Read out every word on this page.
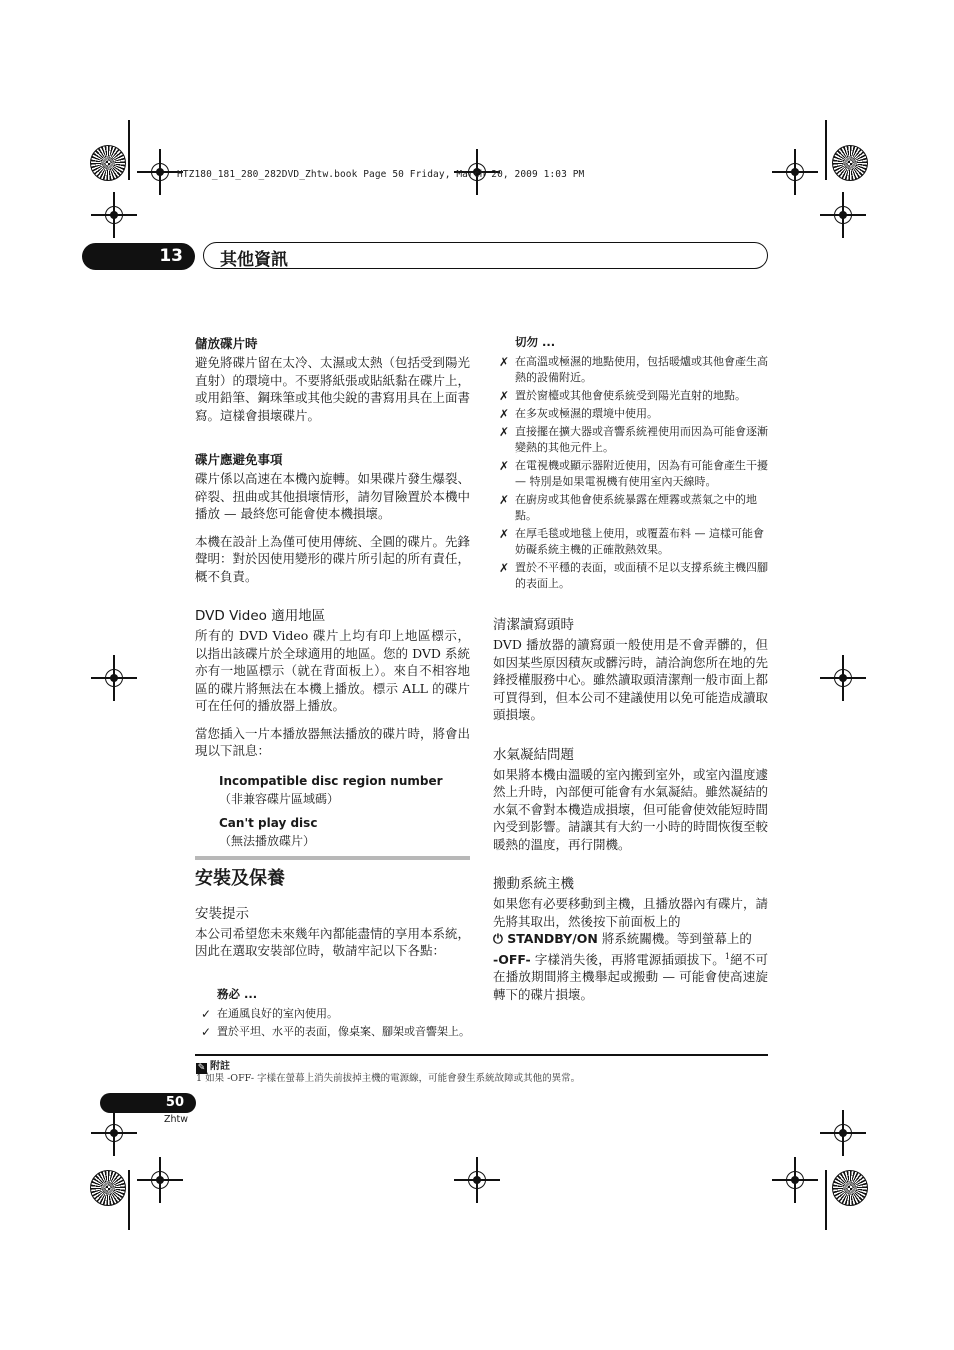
HTZ180_181_280_282DVD_Zhtw.book Page 50 Friday, March 20, 2009 1:03 PM
13 其他資訊
儲放碟片時

避免將碟片留在太冷、太濕或太熱（包括受到陽光直射）的環境中。不要將紙張或貼紙黏在碟片上，或用鉛筆、鋼珠筆或其他尖銳的書寫用具在上面書寫。這樣會損壞碟片。

碟片應避免事項

碟片係以高速在本機內旋轉。如果碟片發生爆裂、碎裂、扭曲或其他損壞情形，請勿冒險置於本機中播放 — 最終您可能會使本機損壞。

本機在設計上為僅可使用傳統、全圓的碟片。先鋒聲明：對於因使用變形的碟片所引起的所有責任，概不負責。

DVD Video 適用地區

所有的 DVD Video 碟片上均有印上地區標示，以指出該碟片於全球適用的地區。您的 DVD 系統亦有一地區標示（就在背面板上）。來自不相容地區的碟片將無法在本機上播放。標示 ALL 的碟片可在任何的播放器上播放。

當您插入一片本播放器無法播放的碟片時，將會出現以下訊息：

Incompatible disc region number

（非兼容碟片區域碼）

Can't play disc

（無法播放碟片）

安裝及保養
安裝提示

本公司希望您未來幾年內都能盡情的享用本系統，因此在選取安裝部位時，敬請牢記以下各點：

務必 ...
✓ 在通風良好的室內使用。
✓ 置於平坦、水平的表面，像桌案、腳架或音響架上。
切勿 ...
✗ 在高溫或極濕的地點使用，包括暖爐或其他會產生高熱的設備附近。
✗ 置於窗檯或其他會使系統受到陽光直射的地點。
✗ 在多灰或極濕的環境中使用。
✗ 直接擺在擴大器或音響系統裡使用而因為可能會逐漸變熱的其他元件上。
✗ 在電視機或顯示器附近使用，因為有可能會產生干擾 — 特別是如果電視機有使用室內天線時。
✗ 在廚房或其他會使系統暴露在煙霧或蒸氣之中的地點。
✗ 在厚毛毯或地毯上使用，或覆蓋布料 — 這樣可能會妨礙系統主機的正確散熱效果。
✗ 置於不平穩的表面，或面積不足以支撐系統主機四腳的表面上。
清潔讀寫頭時

DVD 播放器的讀寫頭一般使用是不會弄髒的，但如因某些原因積灰或髒污時，請洽詢您所在地的先鋒授權服務中心。雖然讀取頭清潔劑一般市面上都可買得到，但本公司不建議使用以免可能造成讀取頭損壞。

水氣凝結問題

如果將本機由溫暖的室內搬到室外，或室內溫度遽然上升時，內部便可能會有水氣凝結。雖然凝結的水氣不會對本機造成損壞，但可能會使效能短時間內受到影響。請讓其有大約一小時的時間恢復至較暖熱的溫度，再行開機。

搬動系統主機

如果您有必要移動到主機，且播放器內有碟片，請先將其取出，然後按下前面板上的
⏻ STANDBY/ON 將系統關機。等到螢幕上的
-OFF- 字樣消失後，再將電源插頭拔下。$^1$絕不可在播放期間將主機舉起或搬動 — 可能會使高速旋轉下的碟片損壞。

✎ 附註
1 如果 -OFF- 字樣在螢幕上消失前拔掉主機的電源線，可能會發生系統故障或其他的異常。
50
Zhtw
